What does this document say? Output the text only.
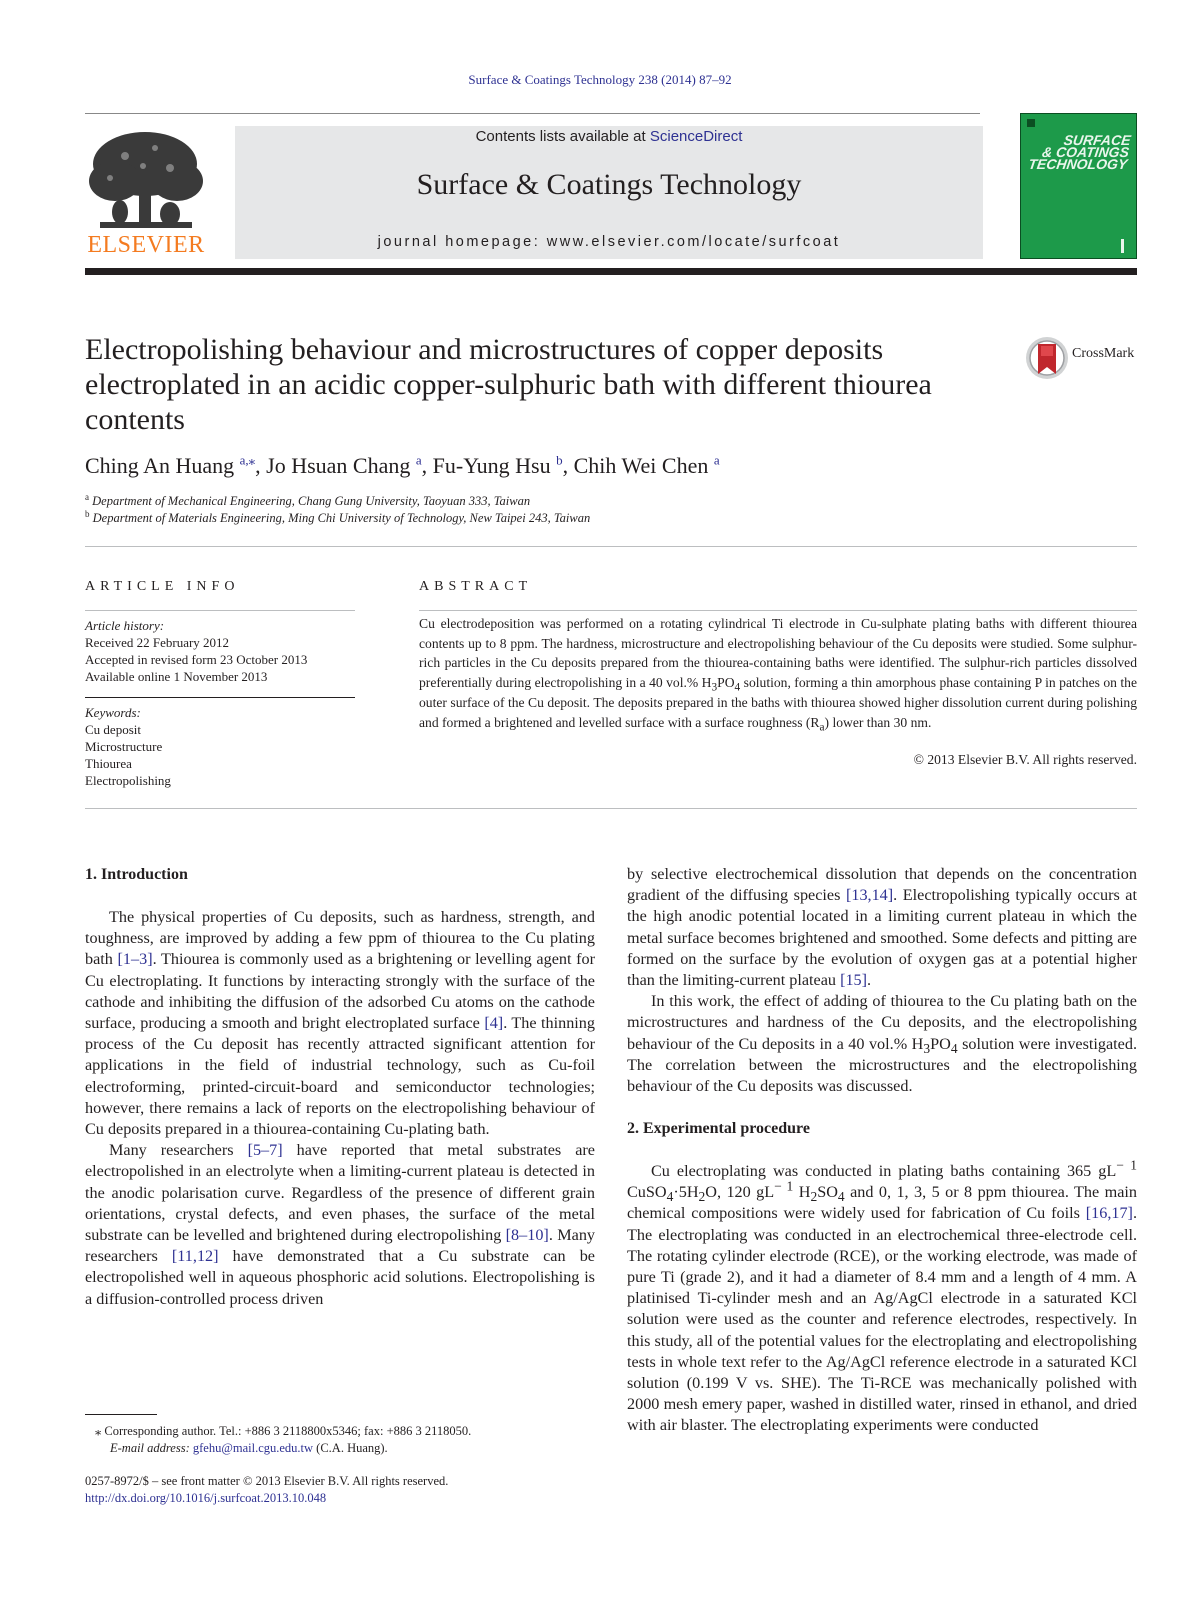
Surface & Coatings Technology 238 (2014) 87–92
ELSEVIER
Contents lists available at ScienceDirect
Surface & Coatings Technology
journal homepage: www.elsevier.com/locate/surfcoat
SURFACE
& COATINGS
TECHNOLOGY
Electropolishing behaviour and microstructures of copper deposits electroplated in an acidic copper-sulphuric bath with different thiourea contents
CrossMark
Ching An Huang $^{a,⁎}$, Jo Hsuan Chang $^a$, Fu-Yung Hsu $^b$, Chih Wei Chen $^a$
$^a$ Department of Mechanical Engineering, Chang Gung University, Taoyuan 333, Taiwan
$^b$ Department of Materials Engineering, Ming Chi University of Technology, New Taipei 243, Taiwan
ARTICLE INFO
Article history:
Received 22 February 2012
Accepted in revised form 23 October 2013
Available online 1 November 2013
Keywords:
Cu deposit
Microstructure
Thiourea
Electropolishing
ABSTRACT
Cu electrodeposition was performed on a rotating cylindrical Ti electrode in Cu-sulphate plating baths with different thiourea contents up to 8 ppm. The hardness, microstructure and electropolishing behaviour of the Cu deposits were studied. Some sulphur-rich particles in the Cu deposits prepared from the thiourea-containing baths were identified. The sulphur-rich particles dissolved preferentially during electropolishing in a 40 vol.% $H_3PO_4$ solution, forming a thin amorphous phase containing P in patches on the outer surface of the Cu deposit. The deposits prepared in the baths with thiourea showed higher dissolution current during polishing and formed a brightened and levelled surface with a surface roughness $(R_a)$ lower than 30 nm.
© 2013 Elsevier B.V. All rights reserved.
1. Introduction

The physical properties of Cu deposits, such as hardness, strength, and toughness, are improved by adding a few ppm of thiourea to the Cu plating bath [1–3]. Thiourea is commonly used as a brightening or levelling agent for Cu electroplating. It functions by interacting strongly with the surface of the cathode and inhibiting the diffusion of the adsorbed Cu atoms on the cathode surface, producing a smooth and bright electroplated surface [4]. The thinning process of the Cu deposit has recently attracted significant attention for applications in the field of industrial technology, such as Cu-foil electroforming, printed-circuit-board and semiconductor technologies; however, there remains a lack of reports on the electropolishing behaviour of Cu deposits prepared in a thiourea-containing Cu-plating bath.

Many researchers [5–7] have reported that metal substrates are electropolished in an electrolyte when a limiting-current plateau is detected in the anodic polarisation curve. Regardless of the presence of different grain orientations, crystal defects, and even phases, the surface of the metal substrate can be levelled and brightened during electropolishing [8–10]. Many researchers [11,12] have demonstrated that a Cu substrate can be electropolished well in aqueous phosphoric acid solutions. Electropolishing is a diffusion-controlled process driven

by selective electrochemical dissolution that depends on the concentration gradient of the diffusing species [13,14]. Electropolishing typically occurs at the high anodic potential located in a limiting current plateau in which the metal surface becomes brightened and smoothed. Some defects and pitting are formed on the surface by the evolution of oxygen gas at a potential higher than the limiting-current plateau [15].

In this work, the effect of adding of thiourea to the Cu plating bath on the microstructures and hardness of the Cu deposits, and the electropolishing behaviour of the Cu deposits in a 40 vol.% $H_3PO_4$ solution were investigated. The correlation between the microstructures and the electropolishing behaviour of the Cu deposits was discussed.

2. Experimental procedure

Cu electroplating was conducted in plating baths containing 365 $gL^{- 1}$ $CuSO_4\cdot 5H_2O$, 120 $gL^{- 1}$ $H_2SO_4$ and 0, 1, 3, 5 or 8 ppm thiourea. The main chemical compositions were widely used for fabrication of Cu foils [16,17]. The electroplating was conducted in an electrochemical three-electrode cell. The rotating cylinder electrode (RCE), or the working electrode, was made of pure Ti (grade 2), and it had a diameter of 8.4 mm and a length of 4 mm. A platinised Ti-cylinder mesh and an Ag/AgCl electrode in a saturated KCl solution were used as the counter and reference electrodes, respectively. In this study, all of the potential values for the electroplating and electropolishing tests in whole text refer to the Ag/AgCl reference electrode in a saturated KCl solution (0.199 V vs. SHE). The Ti-RCE was mechanically polished with 2000 mesh emery paper, washed in distilled water, rinsed in ethanol, and dried with air blaster. The electroplating experiments were conducted

⁎ Corresponding author. Tel.: +886 3 2118800x5346; fax: +886 3 2118050.
E-mail address: gfehu@mail.cgu.edu.tw (C.A. Huang).
0257-8972/$ – see front matter © 2013 Elsevier B.V. All rights reserved.
http://dx.doi.org/10.1016/j.surfcoat.2013.10.048
